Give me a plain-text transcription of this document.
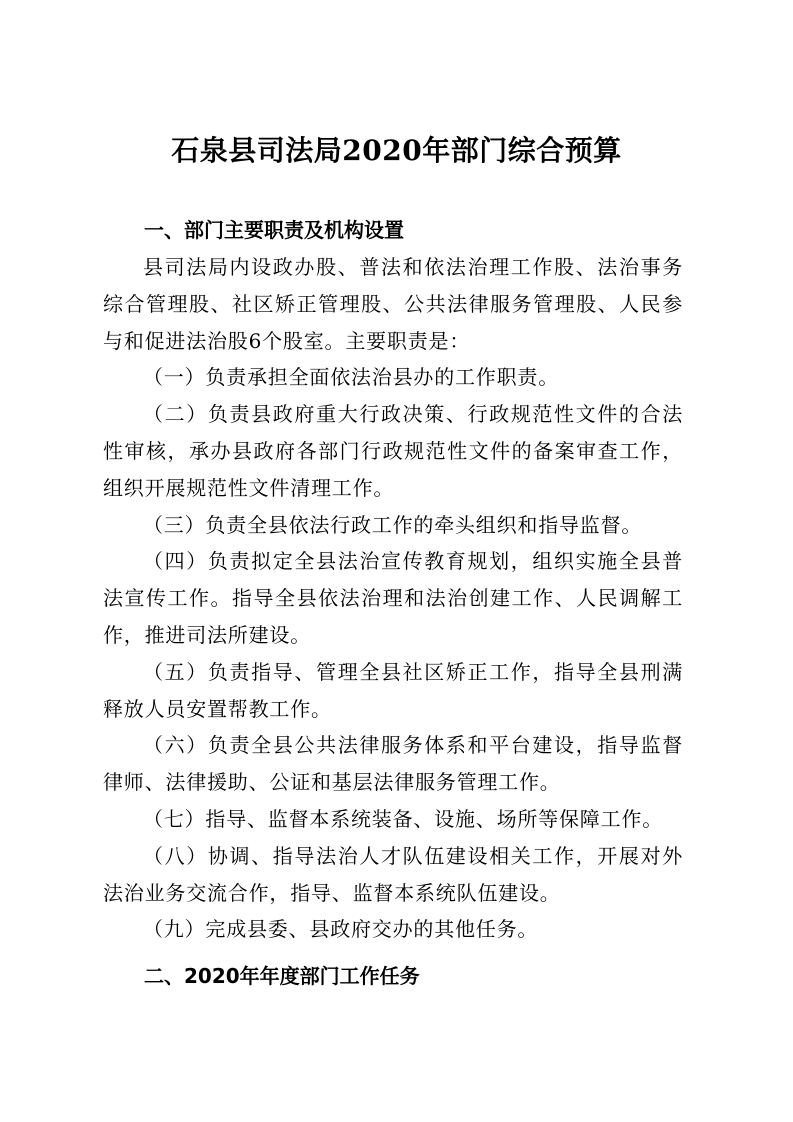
石泉县司法局2020年部门综合预算
一、部门主要职责及机构设置

县司法局内设政办股、普法和依法治理工作股、法治事务综合管理股、社区矫正管理股、公共法律服务管理股、人民参与和促进法治股6个股室。主要职责是：

（一）负责承担全面依法治县办的工作职责。

（二）负责县政府重大行政决策、行政规范性文件的合法性审核，承办县政府各部门行政规范性文件的备案审查工作，组织开展规范性文件清理工作。

（三）负责全县依法行政工作的牵头组织和指导监督。

（四）负责拟定全县法治宣传教育规划，组织实施全县普法宣传工作。指导全县依法治理和法治创建工作、人民调解工作，推进司法所建设。

（五）负责指导、管理全县社区矫正工作，指导全县刑满释放人员安置帮教工作。

（六）负责全县公共法律服务体系和平台建设，指导监督律师、法律援助、公证和基层法律服务管理工作。

（七）指导、监督本系统装备、设施、场所等保障工作。

（八）协调、指导法治人才队伍建设相关工作，开展对外法治业务交流合作，指导、监督本系统队伍建设。

（九）完成县委、县政府交办的其他任务。

二、2020年年度部门工作任务
